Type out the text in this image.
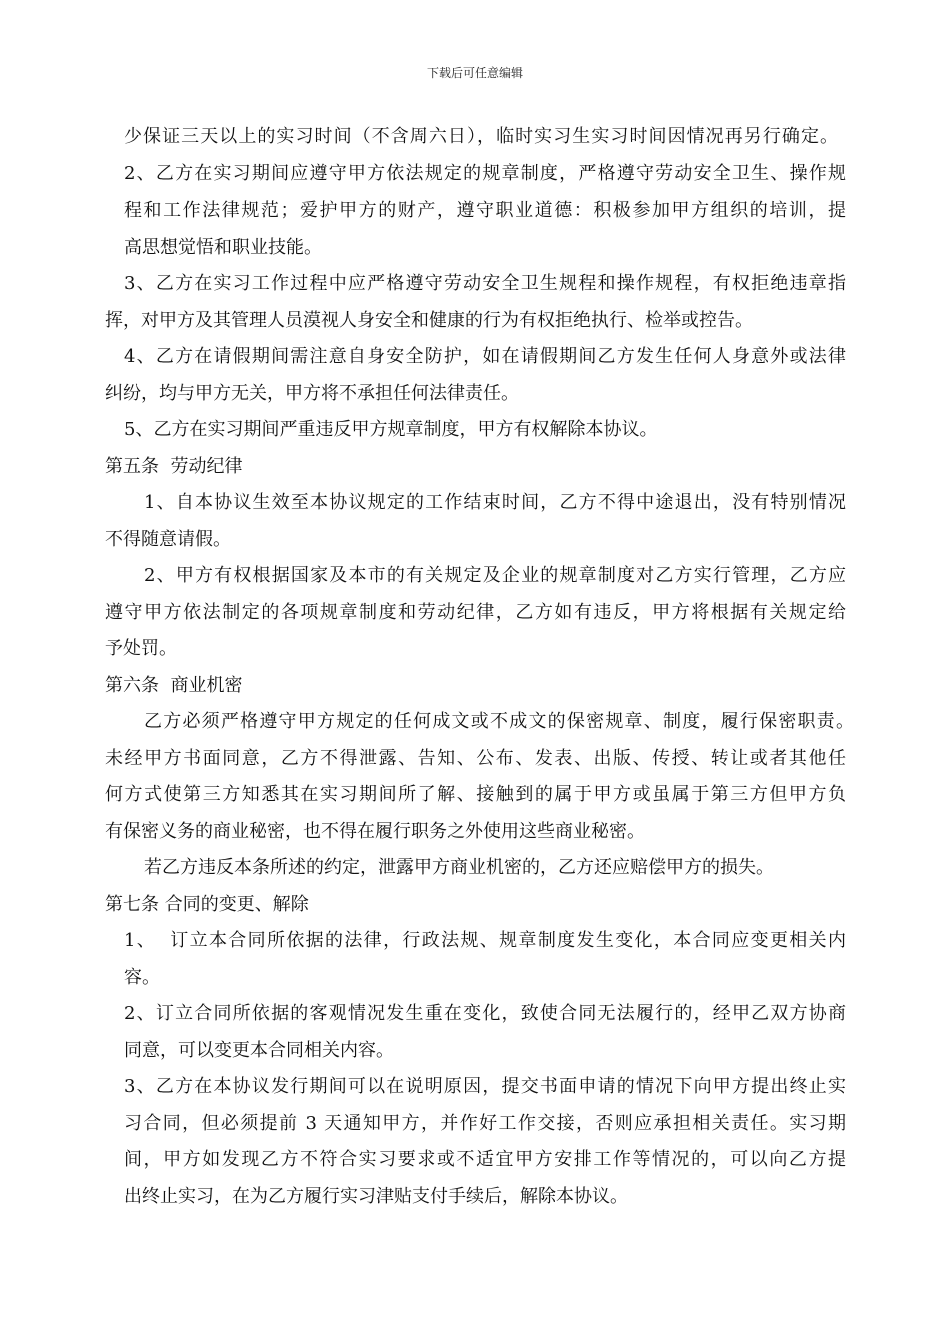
下载后可任意编辑
少保证三天以上的实习时间（不含周六日），临时实习生实习时间因情况再另行确定。
2、乙方在实习期间应遵守甲方依法规定的规章制度，严格遵守劳动安全卫生、操作规
程和工作法律规范；爱护甲方的财产，遵守职业道德：积极参加甲方组织的培训，提
高思想觉悟和职业技能。
3、乙方在实习工作过程中应严格遵守劳动安全卫生规程和操作规程，有权拒绝违章指
挥，对甲方及其管理人员漠视人身安全和健康的行为有权拒绝执行、检举或控告。
4、乙方在请假期间需注意自身安全防护，如在请假期间乙方发生任何人身意外或法律
纠纷，均与甲方无关，甲方将不承担任何法律责任。
5、乙方在实习期间严重违反甲方规章制度，甲方有权解除本协议。
第五条  劳动纪律
1、自本协议生效至本协议规定的工作结束时间，乙方不得中途退出，没有特别情况
不得随意请假。
2、甲方有权根据国家及本市的有关规定及企业的规章制度对乙方实行管理，乙方应
遵守甲方依法制定的各项规章制度和劳动纪律，乙方如有违反，甲方将根据有关规定给
予处罚。
第六条  商业机密
乙方必须严格遵守甲方规定的任何成文或不成文的保密规章、制度，履行保密职责。
未经甲方书面同意，乙方不得泄露、告知、公布、发表、出版、传授、转让或者其他任
何方式使第三方知悉其在实习期间所了解、接触到的属于甲方或虽属于第三方但甲方负
有保密义务的商业秘密，也不得在履行职务之外使用这些商业秘密。
若乙方违反本条所述的约定，泄露甲方商业机密的，乙方还应赔偿甲方的损失。
第七条 合同的变更、解除
1、  订立本合同所依据的法律，行政法规、规章制度发生变化，本合同应变更相关内
容。
2、订立合同所依据的客观情况发生重在变化，致使合同无法履行的，经甲乙双方协商
同意，可以变更本合同相关内容。
3、乙方在本协议发行期间可以在说明原因，提交书面申请的情况下向甲方提出终止实
习合同，但必须提前 3 天通知甲方，并作好工作交接，否则应承担相关责任。实习期
间，甲方如发现乙方不符合实习要求或不适宜甲方安排工作等情况的，可以向乙方提
出终止实习，在为乙方履行实习津贴支付手续后，解除本协议。
